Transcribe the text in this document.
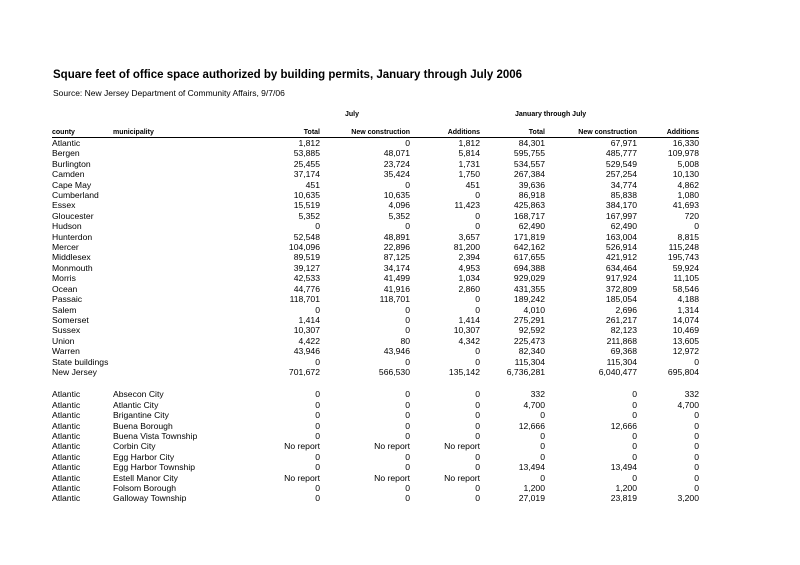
Square feet of office space authorized by building permits, January through July 2006
Source: New Jersey Department of Community Affairs, 9/7/06
July	January through July
county	municipality	Total	New construction	Additions	Total	New construction	Additions
Atlantic		1,812	0	1,812	84,301	67,971	16,330
Bergen		53,885	48,071	5,814	595,755	485,777	109,978
Burlington		25,455	23,724	1,731	534,557	529,549	5,008
Camden		37,174	35,424	1,750	267,384	257,254	10,130
Cape May		451	0	451	39,636	34,774	4,862
Cumberland		10,635	10,635	0	86,918	85,838	1,080
Essex		15,519	4,096	11,423	425,863	384,170	41,693
Gloucester		5,352	5,352	0	168,717	167,997	720
Hudson		0	0	0	62,490	62,490	0
Hunterdon		52,548	48,891	3,657	171,819	163,004	8,815
Mercer		104,096	22,896	81,200	642,162	526,914	115,248
Middlesex		89,519	87,125	2,394	617,655	421,912	195,743
Monmouth		39,127	34,174	4,953	694,388	634,464	59,924
Morris		42,533	41,499	1,034	929,029	917,924	11,105
Ocean		44,776	41,916	2,860	431,355	372,809	58,546
Passaic		118,701	118,701	0	189,242	185,054	4,188
Salem		0	0	0	4,010	2,696	1,314
Somerset		1,414	0	1,414	275,291	261,217	14,074
Sussex		10,307	0	10,307	92,592	82,123	10,469
Union		4,422	80	4,342	225,473	211,868	13,605
Warren		43,946	43,946	0	82,340	69,368	12,972
State buildings		0	0	0	115,304	115,304	0
New Jersey		701,672	566,530	135,142	6,736,281	6,040,477	695,804

Atlantic	Absecon City	0	0	0	332	0	332
Atlantic	Atlantic City	0	0	0	4,700	0	4,700
Atlantic	Brigantine City	0	0	0	0	0	0
Atlantic	Buena Borough	0	0	0	12,666	12,666	0
Atlantic	Buena Vista Township	0	0	0	0	0	0
Atlantic	Corbin City	No report	No report	No report	0	0	0
Atlantic	Egg Harbor City	0	0	0	0	0	0
Atlantic	Egg Harbor Township	0	0	0	13,494	13,494	0
Atlantic	Estell Manor City	No report	No report	No report	0	0	0
Atlantic	Folsom Borough	0	0	0	1,200	1,200	0
Atlantic	Galloway Township	0	0	0	27,019	23,819	3,200
